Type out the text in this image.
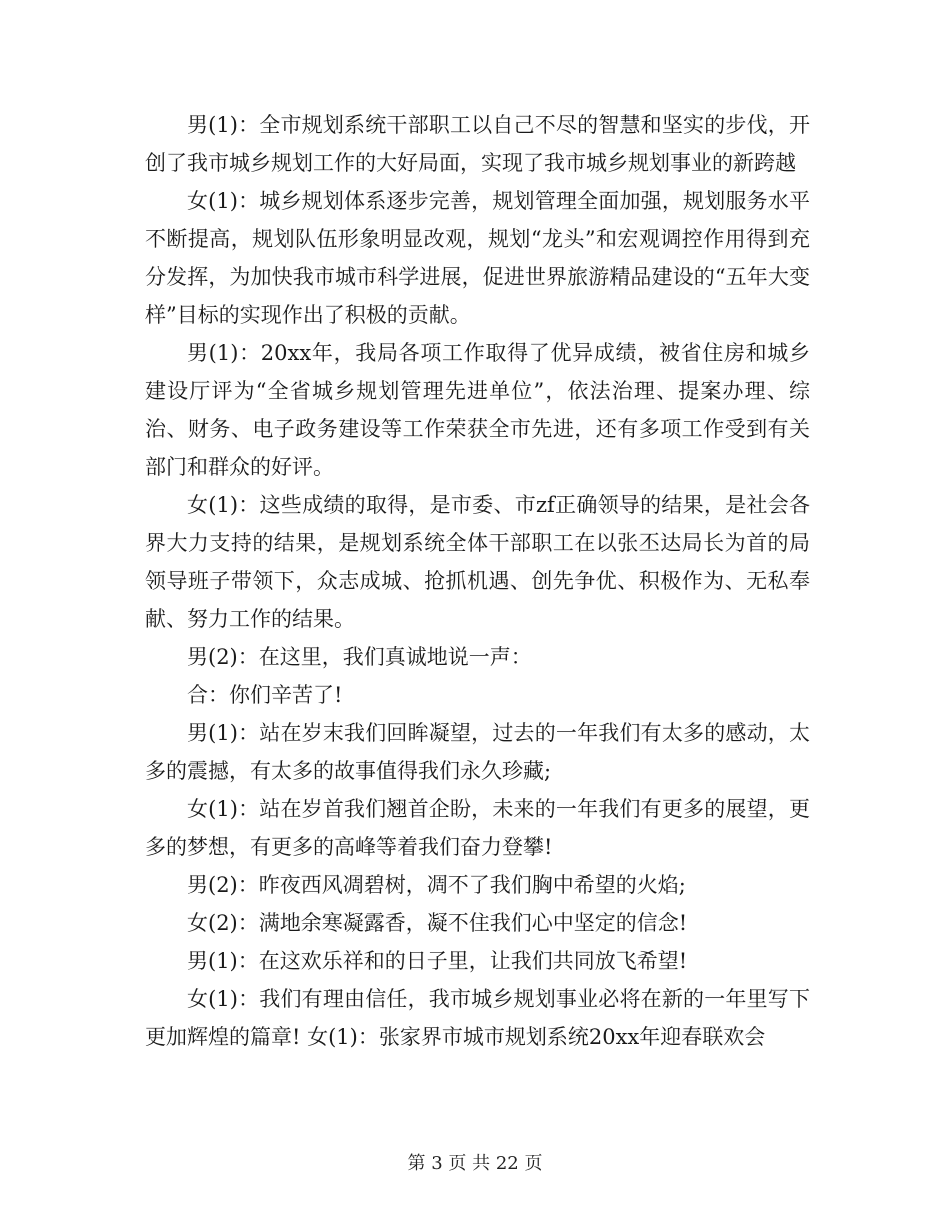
男(1)：全市规划系统干部职工以自己不尽的智慧和坚实的步伐，开创了我市城乡规划工作的大好局面，实现了我市城乡规划事业的新跨越

女(1)：城乡规划体系逐步完善，规划管理全面加强，规划服务水平不断提高，规划队伍形象明显改观，规划“龙头”和宏观调控作用得到充分发挥，为加快我市城市科学进展，促进世界旅游精品建设的“五年大变样”目标的实现作出了积极的贡献。

男(1)：20xx年，我局各项工作取得了优异成绩，被省住房和城乡建设厅评为“全省城乡规划管理先进单位”，依法治理、提案办理、综治、财务、电子政务建设等工作荣获全市先进，还有多项工作受到有关部门和群众的好评。

女(1)：这些成绩的取得，是市委、市zf正确领导的结果，是社会各界大力支持的结果，是规划系统全体干部职工在以张丕达局长为首的局领导班子带领下，众志成城、抢抓机遇、创先争优、积极作为、无私奉献、努力工作的结果。

男(2)：在这里，我们真诚地说一声：

合：你们辛苦了!

男(1)：站在岁末我们回眸凝望，过去的一年我们有太多的感动，太多的震撼，有太多的故事值得我们永久珍藏;

女(1)：站在岁首我们翘首企盼，未来的一年我们有更多的展望，更多的梦想，有更多的高峰等着我们奋力登攀!

男(2)：昨夜西风凋碧树，凋不了我们胸中希望的火焰;

女(2)：满地余寒凝露香，凝不住我们心中坚定的信念!

男(1)：在这欢乐祥和的日子里，让我们共同放飞希望!

女(1)：我们有理由信任，我市城乡规划事业必将在新的一年里写下更加辉煌的篇章! 女(1)：张家界市城市规划系统20xx年迎春联欢会

第 3 页 共 22 页
